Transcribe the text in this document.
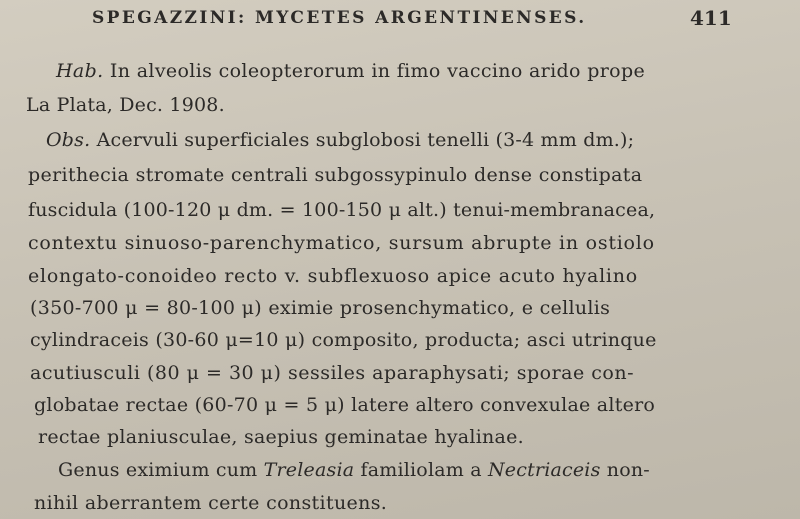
SPEGAZZINI: MYCETES ARGENTINENSES.	411
Hab. In alveolis coleopterorum in fimo vaccino arido prope
La Plata, Dec. 1908.
Obs. Acervuli superficiales subglobosi tenelli (3-4 mm dm.);
perithecia stromate centrali subgossypinulo dense constipata
fuscidula (100-120 μ dm. = 100-150 μ alt.) tenui-membranacea,
contextu sinuoso-parenchymatico, sursum abrupte in ostiolo
elongato-conoideo recto v. subflexuoso apice acuto hyalino
(350-700 μ = 80-100 μ) eximie prosenchymatico, e cellulis
cylindraceis (30-60 μ=10 μ) composito, producta; asci utrinque
acutiusculi (80 μ = 30 μ) sessiles aparaphysati; sporae con-
globatae rectae (60-70 μ = 5 μ) latere altero convexulae altero
rectae planiusculae, saepius geminatae hyalinae.
Genus eximium cum Treleasia familiolam a Nectriaceis non-
nihil aberrantem certe constituens.
